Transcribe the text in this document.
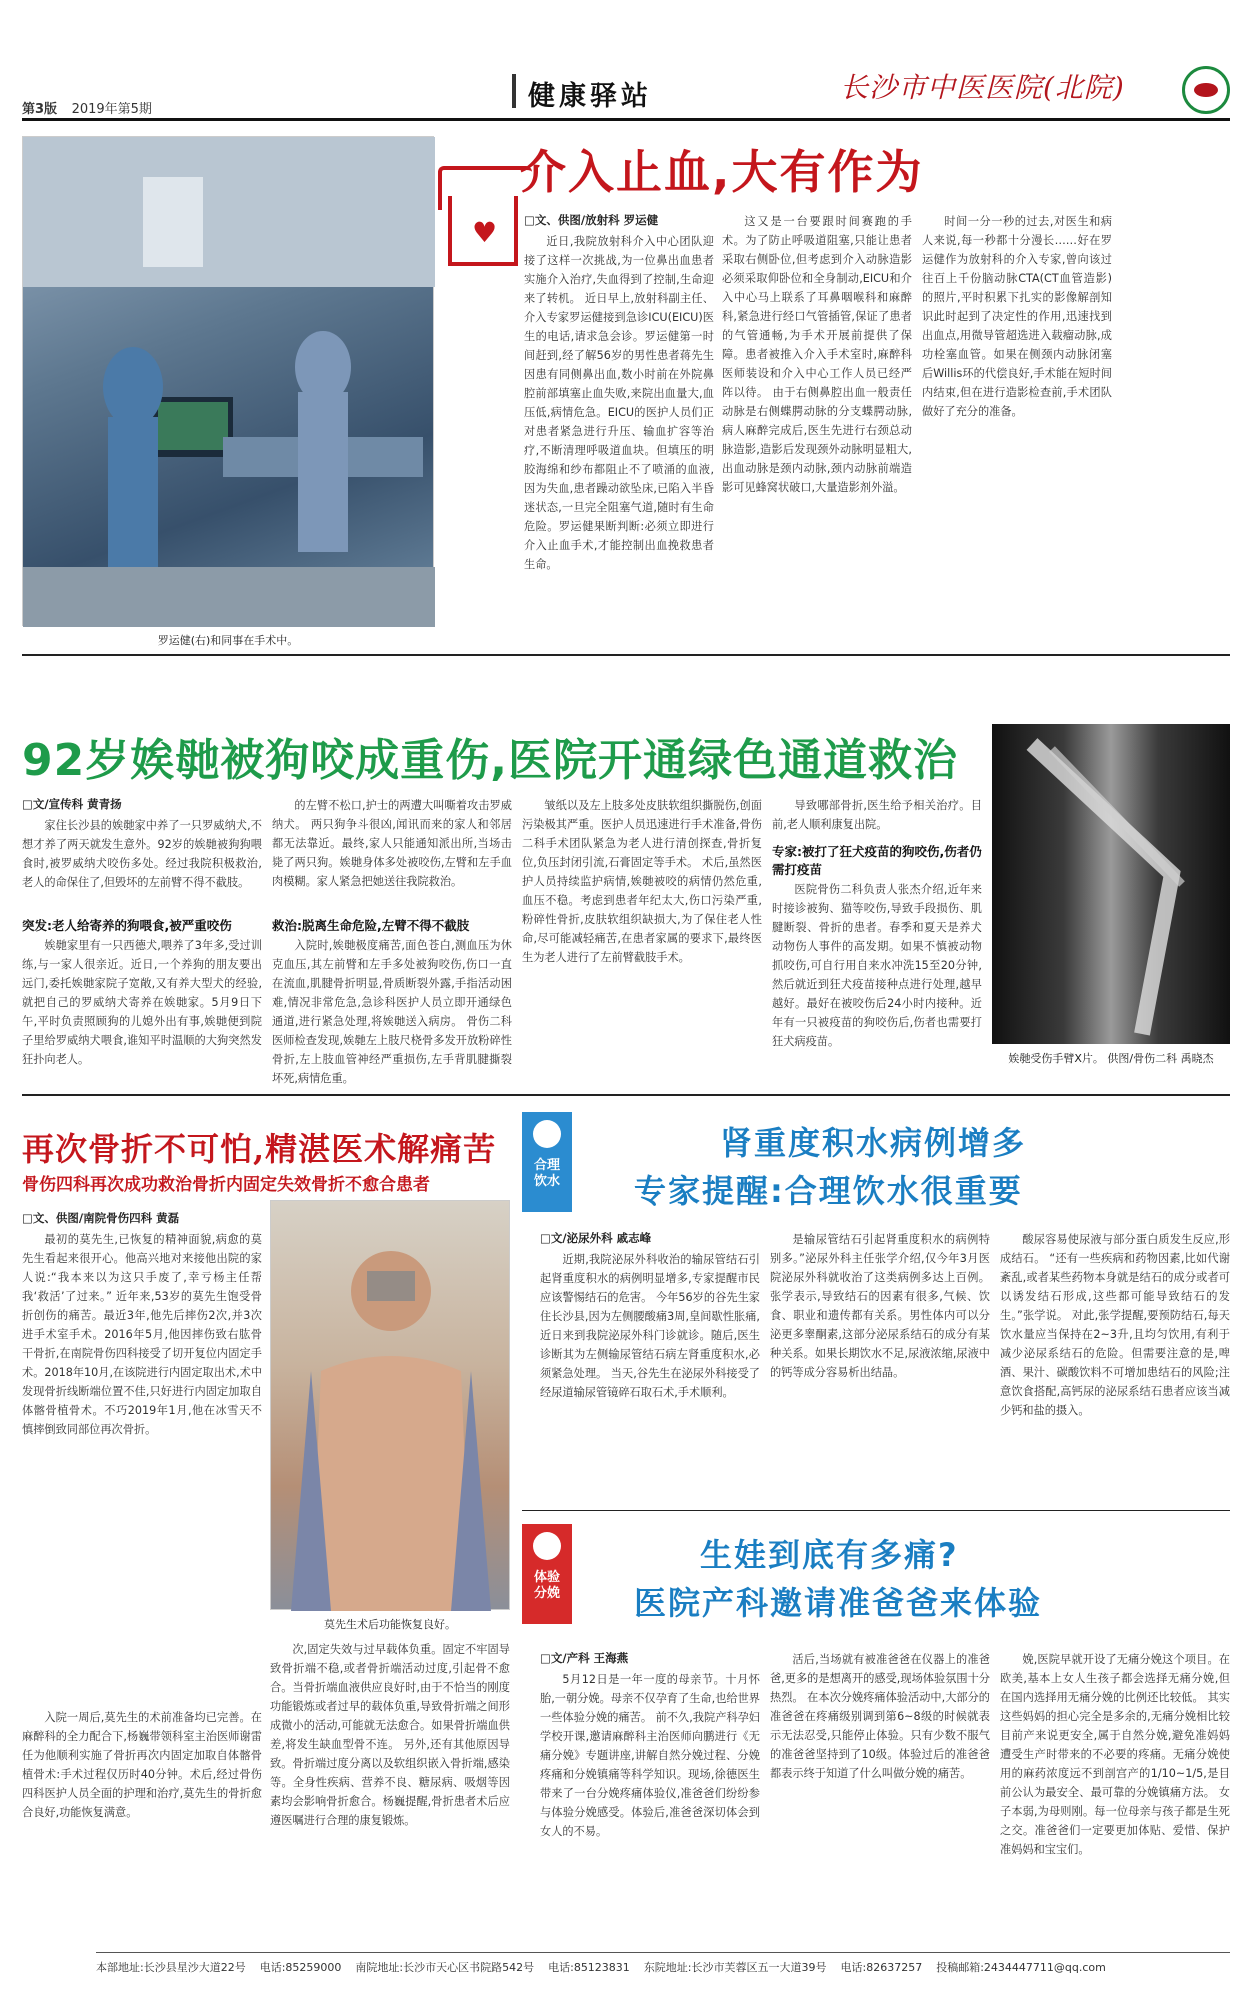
第3版 2019年第5期	健康驿站	长沙市中医医院(北院)
罗运健(右)和同事在手术中。
♥
介入止血,大有作为
□文、供图/放射科 罗运健
近日,我院放射科介入中心团队迎接了这样一次挑战,为一位鼻出血患者实施介入治疗,失血得到了控制,生命迎来了转机。 近日早上,放射科副主任、介入专家罗运健接到急诊ICU(EICU)医生的电话,请求急会诊。罗运健第一时间赶到,经了解56岁的男性患者蒋先生因患有同侧鼻出血,数小时前在外院鼻腔前部填塞止血失败,来院出血量大,血压低,病情危急。EICU的医护人员们正对患者紧急进行升压、输血扩容等治疗,不断清理呼吸道血块。但填压的明胶海绵和纱布都阻止不了喷涌的血液,因为失血,患者躁动欲坠床,已陷入半昏迷状态,一旦完全阻塞气道,随时有生命危险。罗运健果断判断:必须立即进行介入止血手术,才能控制出血挽救患者生命。
这又是一台要跟时间赛跑的手术。为了防止呼吸道阻塞,只能让患者采取右侧卧位,但考虑到介入动脉造影必须采取仰卧位和全身制动,EICU和介入中心马上联系了耳鼻咽喉科和麻醉科,紧急进行经口气管插管,保证了患者的气管通畅,为手术开展前提供了保障。患者被推入介入手术室时,麻醉科医师装设和介入中心工作人员已经严阵以待。 由于右侧鼻腔出血一般责任动脉是右侧蝶腭动脉的分支蝶腭动脉,病人麻醉完成后,医生先进行右颈总动脉造影,造影后发现颈外动脉明显粗大,出血动脉是颈内动脉,颈内动脉前端造影可见蜂窝状破口,大量造影剂外溢。
时间一分一秒的过去,对医生和病人来说,每一秒都十分漫长……好在罗运健作为放射科的介入专家,曾向该过往百上千份脑动脉CTA(CT血管造影)的照片,平时积累下扎实的影像解剖知识此时起到了决定性的作用,迅速找到出血点,用微导管超选进入载瘤动脉,成功栓塞血管。如果在侧颈内动脉闭塞后Willis环的代偿良好,手术能在短时间内结束,但在进行造影检查前,手术团队做好了充分的准备。
92岁娭毑被狗咬成重伤,医院开通绿色通道救治
□文/宣传科 黄青扬
家住长沙县的娭毑家中养了一只罗威纳犬,不想才养了两天就发生意外。92岁的娭毑被狗狗喂食时,被罗威纳犬咬伤多处。经过我院积极救治,老人的命保住了,但毁坏的左前臂不得不截肢。
突发:老人给寄养的狗喂食,被严重咬伤
娭毑家里有一只西德犬,喂养了3年多,受过训练,与一家人很亲近。近日,一个养狗的朋友要出远门,委托娭毑家院子宽敞,又有养大型犬的经验,就把自己的罗威纳犬寄养在娭毑家。5月9日下午,平时负责照顾狗的儿媳外出有事,娭毑便到院子里给罗威纳犬喂食,谁知平时温顺的大狗突然发狂扑向老人。
的左臂不松口,护士的两遭大叫嘶着攻击罗威纳犬。 两只狗争斗很凶,闻讯而来的家人和邻居都无法靠近。最终,家人只能通知派出所,当场击毙了两只狗。娭毑身体多处被咬伤,左臂和左手血肉模糊。家人紧急把她送往我院救治。
救治:脱离生命危险,左臂不得不截肢
入院时,娭毑极度痛苦,面色苍白,测血压为休克血压,其左前臂和左手多处被狗咬伤,伤口一直在流血,肌腱骨折明显,骨质断裂外露,手指活动困难,情况非常危急,急诊科医护人员立即开通绿色通道,进行紧急处理,将娭毑送入病房。 骨伤二科医师检查发现,娭毑左上肢尺桡骨多发开放粉碎性骨折,左上肢血管神经严重损伤,左手背肌腱撕裂坏死,病情危重。
皱纸以及左上肢多处皮肤软组织撕脱伤,创面污染极其严重。医护人员迅速进行手术准备,骨伤二科手术团队紧急为老人进行清创探查,骨折复位,负压封闭引流,石膏固定等手术。 术后,虽然医护人员持续监护病情,娭毑被咬的病情仍然危重,血压不稳。考虑到患者年纪太大,伤口污染严重,粉碎性骨折,皮肤软组织缺损大,为了保住老人性命,尽可能减轻痛苦,在患者家属的要求下,最终医生为老人进行了左前臂截肢手术。
导致哪部骨折,医生给予相关治疗。目前,老人顺利康复出院。
专家:被打了狂犬疫苗的狗咬伤,伤者仍需打疫苗
医院骨伤二科负责人张杰介绍,近年来时接诊被狗、猫等咬伤,导致手段损伤、肌腱断裂、骨折的患者。春季和夏天是养犬动物伤人事件的高发期。如果不慎被动物抓咬伤,可自行用自来水冲洗15至20分钟,然后就近到狂犬疫苗接种点进行处理,越早越好。最好在被咬伤后24小时内接种。近年有一只被疫苗的狗咬伤后,伤者也需要打狂犬病疫苗。
娭毑受伤手臂X片。 供图/骨伤二科 禹晓杰
再次骨折不可怕,精湛医术解痛苦
骨伤四科再次成功救治骨折内固定失效骨折不愈合患者
□文、供图/南院骨伤四科 黄磊
最初的莫先生,已恢复的精神面貌,病愈的莫先生看起来很开心。他高兴地对来接他出院的家人说:“我本来以为这只手废了,幸亏杨主任帮我‘救活’了过来。” 近年来,53岁的莫先生饱受骨折创伤的痛苦。最近3年,他先后摔伤2次,并3次进手术室手术。2016年5月,他因摔伤致右肱骨干骨折,在南院骨伤四科接受了切开复位内固定手术。2018年10月,在该院进行内固定取出术,术中发现骨折线断端位置不佳,只好进行内固定加取自体髂骨植骨术。不巧2019年1月,他在冰雪天不慎摔倒致同部位再次骨折。
入院一周后,莫先生的术前准备均已完善。在麻醉科的全力配合下,杨巍带领科室主治医师谢雷任为他顺利实施了骨折再次内固定加取自体髂骨植骨术:手术过程仅历时40分钟。术后,经过骨伤四科医护人员全面的护理和治疗,莫先生的骨折愈合良好,功能恢复满意。
莫先生术后功能恢复良好。
次,固定失效与过早载体负重。固定不牢固导致骨折端不稳,或者骨折端活动过度,引起骨不愈合。当骨折端血液供应良好时,由于不恰当的刚度功能锻炼或者过早的载体负重,导致骨折端之间形成微小的活动,可能就无法愈合。如果骨折端血供差,将发生缺血型骨不连。 另外,还有其他原因导致。骨折端过度分离以及软组织嵌入骨折端,感染等。全身性疾病、营养不良、糖尿病、吸烟等因素均会影响骨折愈合。杨巍提醒,骨折患者术后应遵医嘱进行合理的康复锻炼。
合理饮水
肾重度积水病例增多
专家提醒:合理饮水很重要
□文/泌尿外科 戚志峰
近期,我院泌尿外科收治的输尿管结石引起肾重度积水的病例明显增多,专家提醒市民应该警惕结石的危害。 今年56岁的谷先生家住长沙县,因为左侧腰酸痛3周,皇间歇性胀痛,近日来到我院泌尿外科门诊就诊。随后,医生诊断其为左侧输尿管结石病左肾重度积水,必须紧急处理。 当天,谷先生在泌尿外科接受了经尿道输尿管镜碎石取石术,手术顺利。
是输尿管结石引起肾重度积水的病例特别多。”泌尿外科主任张学介绍,仅今年3月医院泌尿外科就收治了这类病例多达上百例。 张学表示,导致结石的因素有很多,气候、饮食、职业和遗传都有关系。男性体内可以分泌更多睾酮素,这部分泌尿系结石的成分有某种关系。如果长期饮水不足,尿液浓缩,尿液中的钙等成分容易析出结晶。
酸尿容易使尿液与部分蛋白质发生反应,形成结石。 “还有一些疾病和药物因素,比如代谢紊乱,或者某些药物本身就是结石的成分或者可以诱发结石形成,这些都可能导致结石的发生。”张学说。 对此,张学提醒,要预防结石,每天饮水量应当保持在2~3升,且均匀饮用,有利于减少泌尿系结石的危险。但需要注意的是,啤酒、果汁、碳酸饮料不可增加患结石的风险;注意饮食搭配,高钙尿的泌尿系结石患者应该当减少钙和盐的摄入。
体验分娩
生娃到底有多痛?
医院产科邀请准爸爸来体验
□文/产科 王海燕
5月12日是一年一度的母亲节。十月怀胎,一朝分娩。母亲不仅孕育了生命,也给世界一些体验分娩的痛苦。 前不久,我院产科孕妇学校开课,邀请麻醉科主治医师向鹏进行《无痛分娩》专题讲座,讲解自然分娩过程、分娩疼痛和分娩镇痛等科学知识。现场,徐德医生带来了一台分娩疼痛体验仪,准爸爸们纷纷参与体验分娩感受。体验后,准爸爸深切体会到女人的不易。
活后,当场就有被准爸爸在仪器上的准爸爸,更多的是想离开的感受,现场体验氛围十分热烈。 在本次分娩疼痛体验活动中,大部分的准爸爸在疼痛级别调到第6~8级的时候就表示无法忍受,只能停止体验。只有少数不服气的准爸爸坚持到了10级。体验过后的准爸爸都表示终于知道了什么叫做分娩的痛苦。
娩,医院早就开设了无痛分娩这个项目。在欧美,基本上女人生孩子都会选择无痛分娩,但在国内选择用无痛分娩的比例还比较低。 其实这些妈妈的担心完全是多余的,无痛分娩相比较目前产来说更安全,属于自然分娩,避免准妈妈遭受生产时带来的不必要的疼痛。无痛分娩使用的麻药浓度远不到剖宫产的1/10~1/5,是目前公认为最安全、最可靠的分娩镇痛方法。 女子本弱,为母则刚。每一位母亲与孩子都是生死之交。准爸爸们一定要更加体贴、爱惜、保护准妈妈和宝宝们。
本部地址:长沙县星沙大道22号 电话:85259000 南院地址:长沙市天心区书院路542号 电话:85123831 东院地址:长沙市芙蓉区五一大道39号 电话:82637257 投稿邮箱:2434447711@qq.com
